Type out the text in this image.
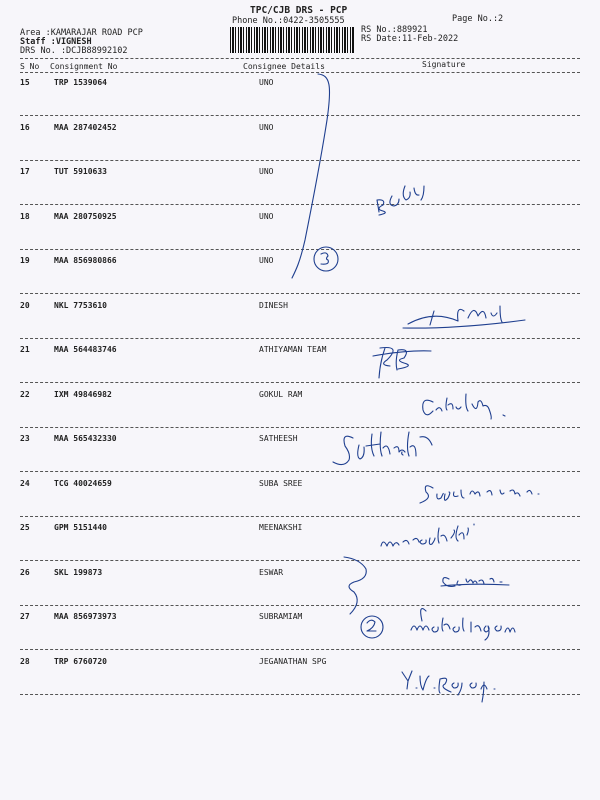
TPC/CJB DRS - PCP
Phone No.:0422-3505555	Page No.:2
Area :KAMARAJAR ROAD PCP
Staff :VIGNESH
DRS No. :DCJB88992102
RS No.:889921
RS Date:11-Feb-2022
S No Consignment No	Consignee Details	Signature
15	TRP 1539064	UNO
16	MAA 287402452	UNO
17	TUT 5910633	UNO
18	MAA 280750925	UNO
19	MAA 856980866	UNO
20	NKL 7753610	DINESH
21	MAA 564483746	ATHIYAMAN TEAM
22	IXM 49846982	GOKUL RAM
23	MAA 565432330	SATHEESH
24	TCG 40024659	SUBA SREE
25	GPM 5151440	MEENAKSHI
26	SKL 199873	ESWAR
27	MAA 856973973	SUBRAMIAM
28	TRP 6760720	JEGANATHAN SPG
